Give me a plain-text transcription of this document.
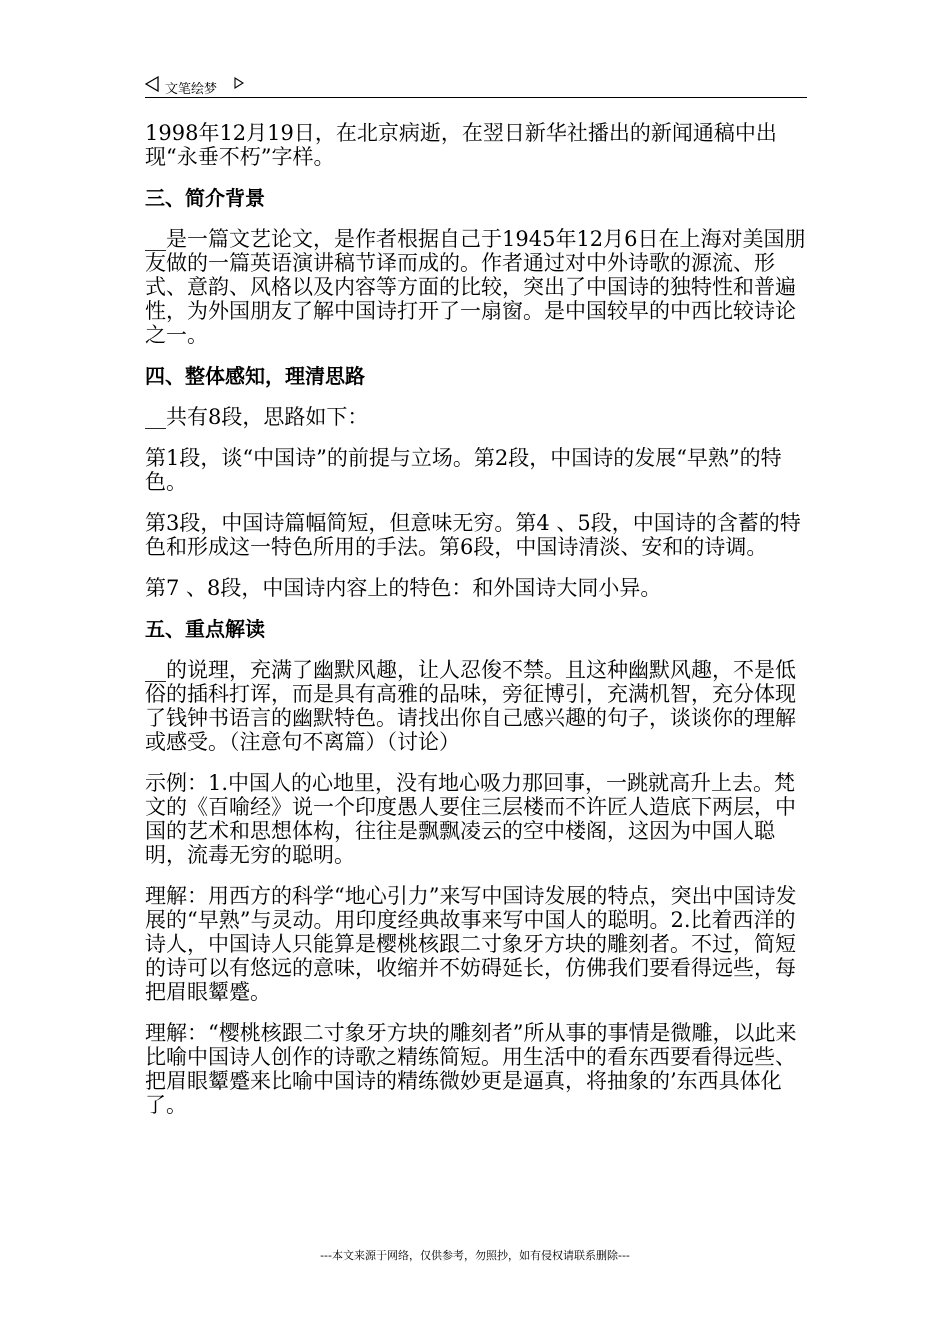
文笔绘梦

1998年12月19日，在北京病逝，在翌日新华社播出的新闻通稿中出现“永垂不朽”字样。

三、简介背景

__是一篇文艺论文，是作者根据自己于1945年12月6日在上海对美国朋友做的一篇英语演讲稿节译而成的。作者通过对中外诗歌的源流、形式、意韵、风格以及内容等方面的比较，突出了中国诗的独特性和普遍性，为外国朋友了解中国诗打开了一扇窗。是中国较早的中西比较诗论之一。

四、整体感知，理清思路

__共有8段，思路如下：

第1段，谈“中国诗”的前提与立场。第2段，中国诗的发展“早熟”的特色。

第3段，中国诗篇幅简短，但意味无穷。第4 、5段，中国诗的含蓄的特色和形成这一特色所用的手法。第6段，中国诗清淡、安和的诗调。

第7 、8段，中国诗内容上的特色：和外国诗大同小异。

五、重点解读

__的说理，充满了幽默风趣，让人忍俊不禁。且这种幽默风趣，不是低俗的插科打诨，而是具有高雅的品味，旁征博引，充满机智，充分体现了钱钟书语言的幽默特色。请找出你自己感兴趣的句子，谈谈你的理解或感受。（注意句不离篇）（讨论）

示例：1.中国人的心地里，没有地心吸力那回事，一跳就高升上去。梵文的《百喻经》说一个印度愚人要住三层楼而不许匠人造底下两层，中国的艺术和思想体构，往往是飘飘凌云的空中楼阁，这因为中国人聪明，流毒无穷的聪明。

理解：用西方的科学“地心引力”来写中国诗发展的特点，突出中国诗发展的“早熟”与灵动。用印度经典故事来写中国人的聪明。2.比着西洋的诗人，中国诗人只能算是樱桃核跟二寸象牙方块的雕刻者。不过，简短的诗可以有悠远的意味，收缩并不妨碍延长，仿佛我们要看得远些，每把眉眼颦蹙。

理解：“樱桃核跟二寸象牙方块的雕刻者”所从事的事情是微雕，以此来比喻中国诗人创作的诗歌之精练简短。用生活中的看东西要看得远些、把眉眼颦蹙来比喻中国诗的精练微妙更是逼真，将抽象的’东西具体化了。

---本文来源于网络，仅供参考，勿照抄，如有侵权请联系删除---
